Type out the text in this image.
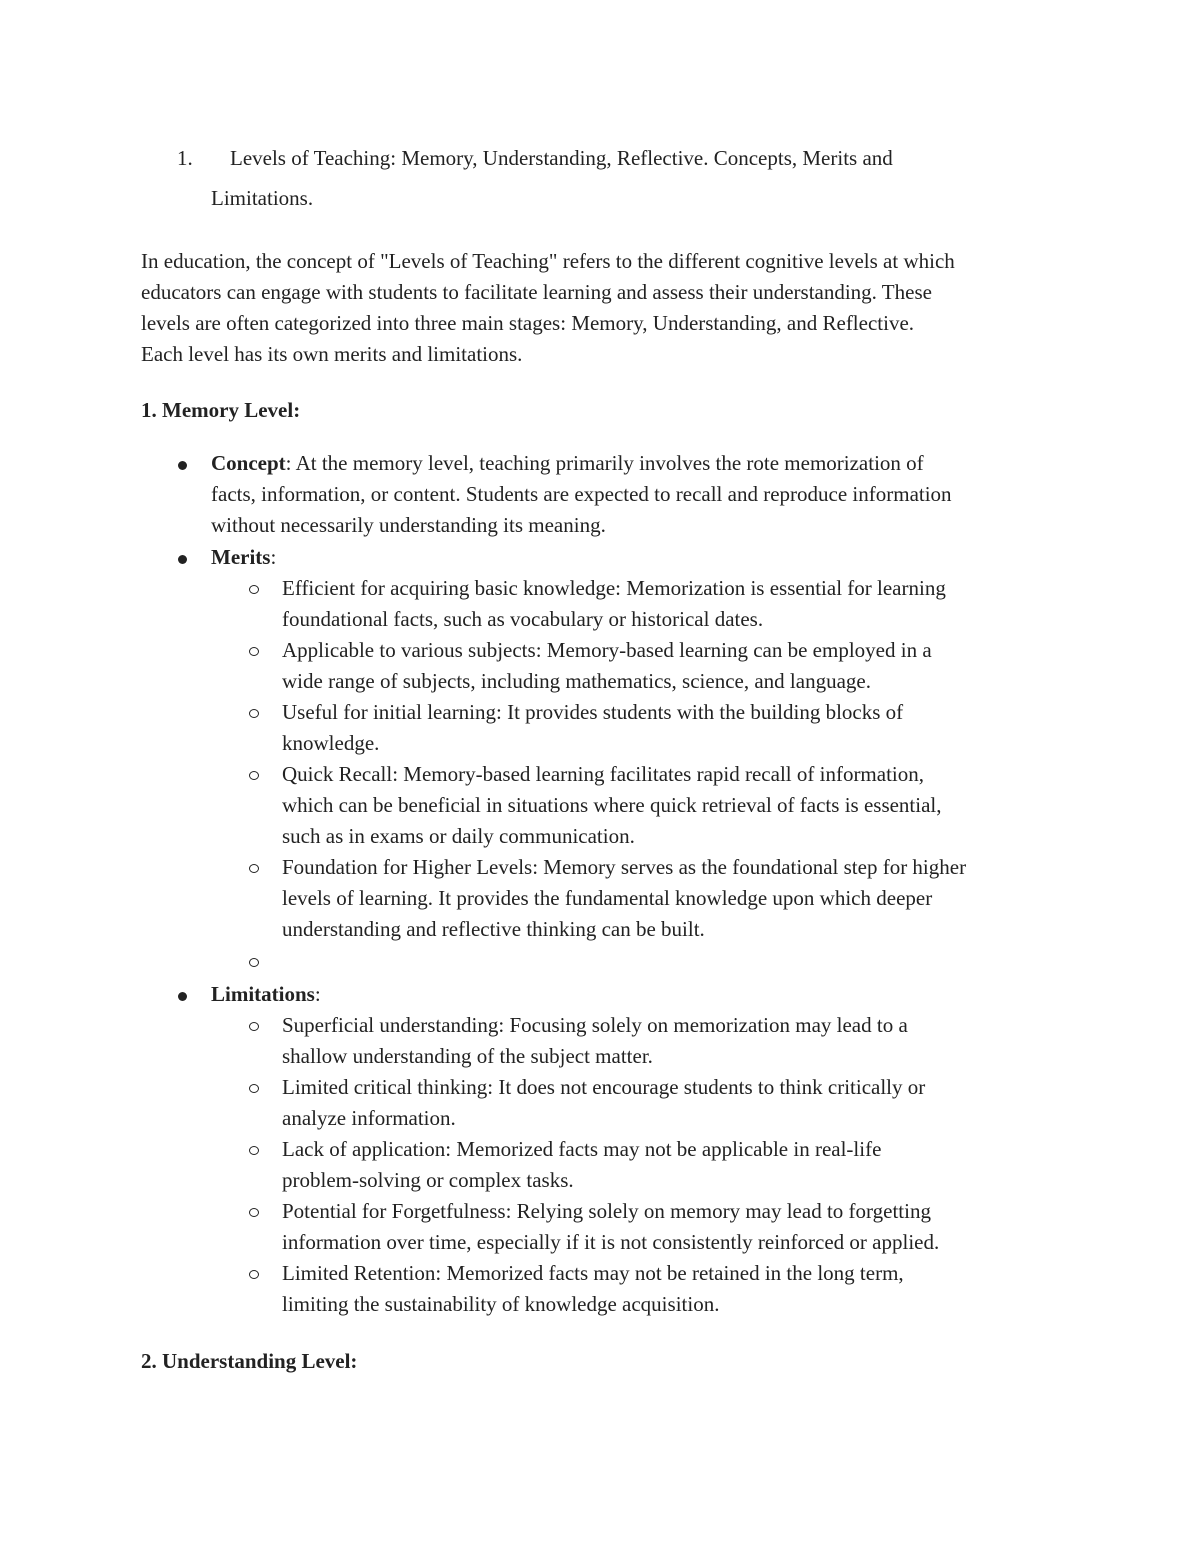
1. Levels of Teaching: Memory, Understanding, Reflective. Concepts, Merits and
Limitations.

In education, the concept of "Levels of Teaching" refers to the different cognitive levels at which
educators can engage with students to facilitate learning and assess their understanding. These
levels are often categorized into three main stages: Memory, Understanding, and Reflective.
Each level has its own merits and limitations.

1. Memory Level:
Concept: At the memory level, teaching primarily involves the rote memorization of
facts, information, or content. Students are expected to recall and reproduce information
without necessarily understanding its meaning.
Merits:
Efficient for acquiring basic knowledge: Memorization is essential for learning
foundational facts, such as vocabulary or historical dates.
Applicable to various subjects: Memory-based learning can be employed in a
wide range of subjects, including mathematics, science, and language.
Useful for initial learning: It provides students with the building blocks of
knowledge.
Quick Recall: Memory-based learning facilitates rapid recall of information,
which can be beneficial in situations where quick retrieval of facts is essential,
such as in exams or daily communication.
Foundation for Higher Levels: Memory serves as the foundational step for higher
levels of learning. It provides the fundamental knowledge upon which deeper
understanding and reflective thinking can be built.
Limitations:
Superficial understanding: Focusing solely on memorization may lead to a
shallow understanding of the subject matter.
Limited critical thinking: It does not encourage students to think critically or
analyze information.
Lack of application: Memorized facts may not be applicable in real-life
problem-solving or complex tasks.
Potential for Forgetfulness: Relying solely on memory may lead to forgetting
information over time, especially if it is not consistently reinforced or applied.
Limited Retention: Memorized facts may not be retained in the long term,
limiting the sustainability of knowledge acquisition.
2. Understanding Level:
